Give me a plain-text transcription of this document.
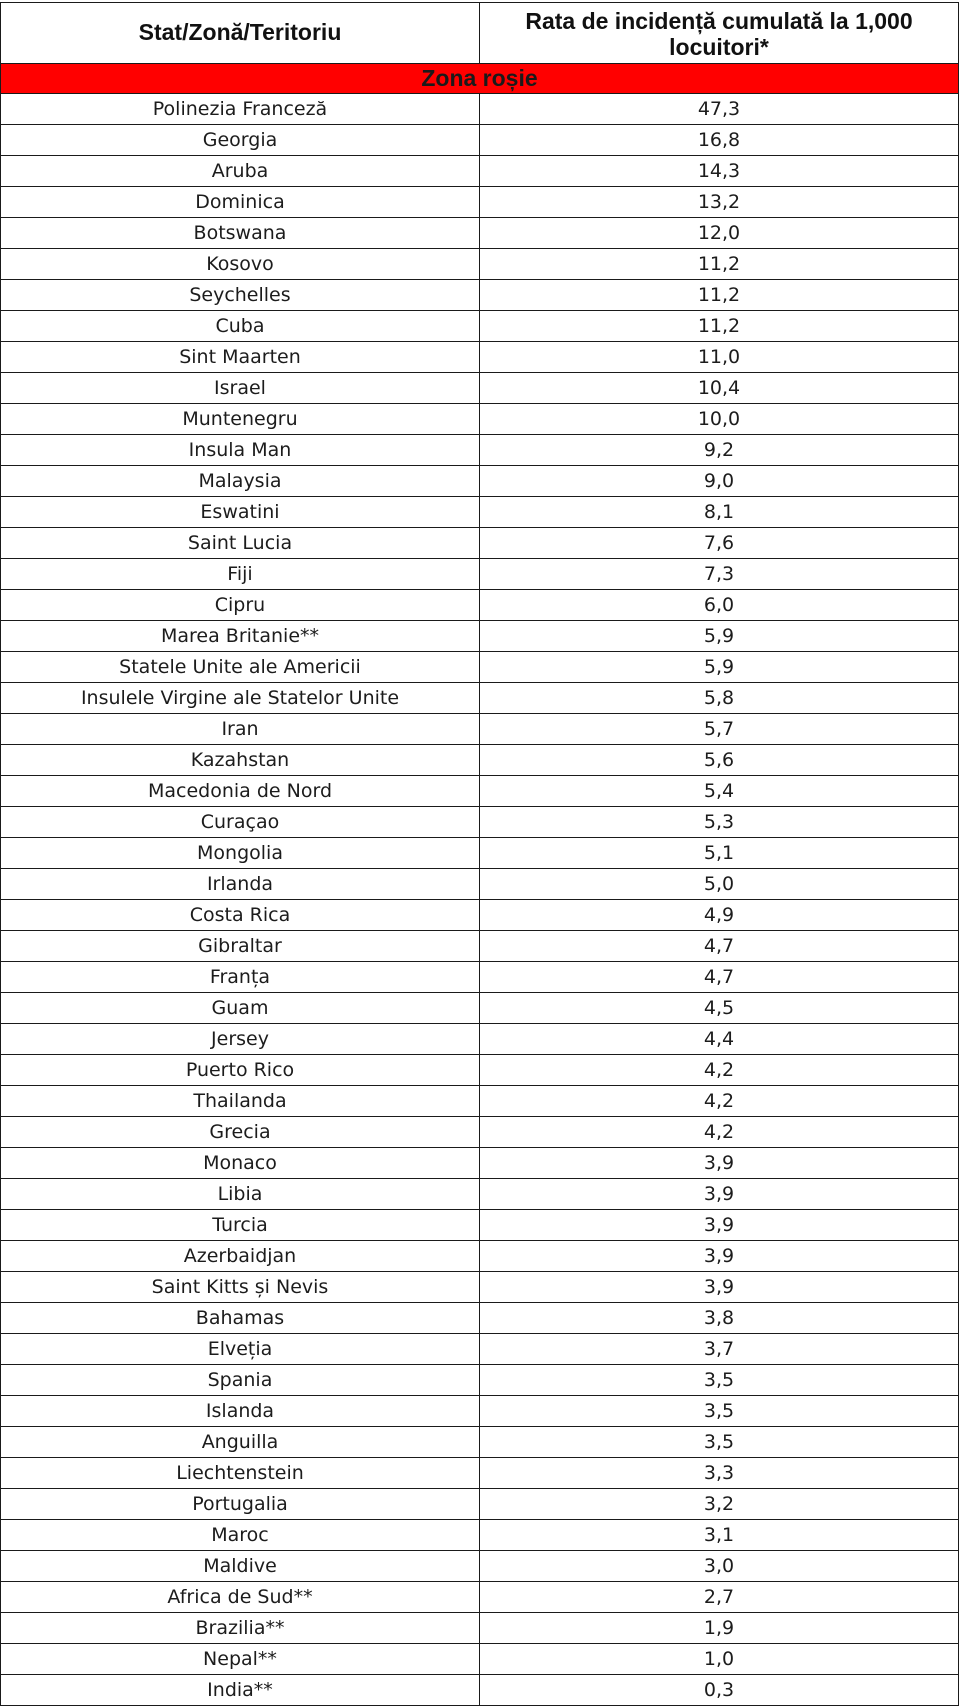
Stat/Zonă/Teritoriu	Rata de incidență cumulată la 1,000 locuitori*
Zona roșie	
Polinezia Franceză	47,3
Georgia	16,8
Aruba	14,3
Dominica	13,2
Botswana	12,0
Kosovo	11,2
Seychelles	11,2
Cuba	11,2
Sint Maarten	11,0
Israel	10,4
Muntenegru	10,0
Insula Man	9,2
Malaysia	9,0
Eswatini	8,1
Saint Lucia	7,6
Fiji	7,3
Cipru	6,0
Marea Britanie**	5,9
Statele Unite ale Americii	5,9
Insulele Virgine ale Statelor Unite	5,8
Iran	5,7
Kazahstan	5,6
Macedonia de Nord	5,4
Curaçao	5,3
Mongolia	5,1
Irlanda	5,0
Costa Rica	4,9
Gibraltar	4,7
Franța	4,7
Guam	4,5
Jersey	4,4
Puerto Rico	4,2
Thailanda	4,2
Grecia	4,2
Monaco	3,9
Libia	3,9
Turcia	3,9
Azerbaidjan	3,9
Saint Kitts și Nevis	3,9
Bahamas	3,8
Elveția	3,7
Spania	3,5
Islanda	3,5
Anguilla	3,5
Liechtenstein	3,3
Portugalia	3,2
Maroc	3,1
Maldive	3,0
Africa de Sud**	2,7
Brazilia**	1,9
Nepal**	1,0
India**	0,3
